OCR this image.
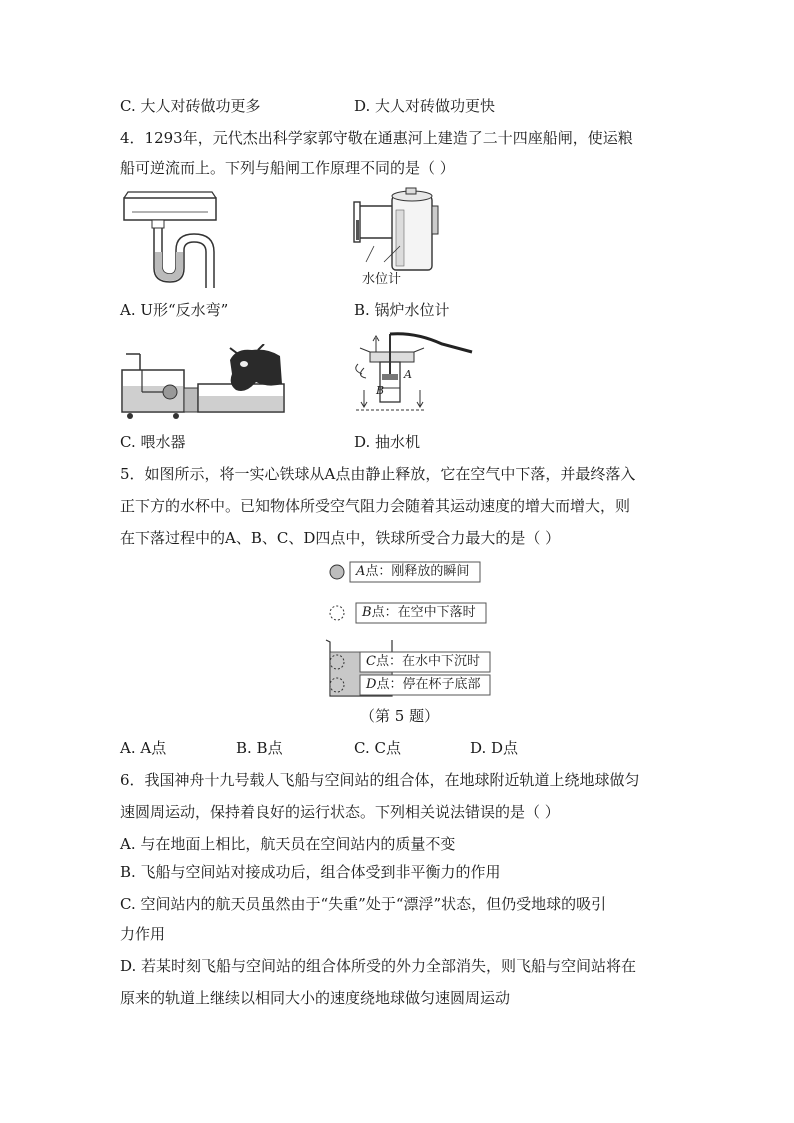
C. 大人对砖做功更多	D. 大人对砖做功更快
4．1293年，元代杰出科学家郭守敬在通惠河上建造了二十四座船闸，使运粮
船可逆流而上。下列与船闸工作原理不同的是（ ）
水位计
A. U形“反水弯”	B. 锅炉水位计
B
A
C. 喂水器	D. 抽水机
5．如图所示，将一实心铁球从A点由静止释放，它在空气中下落，并最终落入
正下方的水杯中。已知物体所受空气阻力会随着其运动速度的增大而增大，则
在下落过程中的A、B、C、D四点中，铁球所受合力最大的是（ ）
A点：刚释放的瞬间
B点：在空中下落时
C点：在水中下沉时
D点：停在杯子底部
（第 5 题）
A. A点	B. B点	C. C点	D. D点
6．我国神舟十九号载人飞船与空间站的组合体，在地球附近轨道上绕地球做匀
速圆周运动，保持着良好的运行状态。下列相关说法错误的是（ ）
A. 与在地面上相比，航天员在空间站内的质量不变
B. 飞船与空间站对接成功后，组合体受到非平衡力的作用
C. 空间站内的航天员虽然由于“失重”处于“漂浮”状态，但仍受地球的吸引
力作用
D. 若某时刻飞船与空间站的组合体所受的外力全部消失，则飞船与空间站将在
原来的轨道上继续以相同大小的速度绕地球做匀速圆周运动
